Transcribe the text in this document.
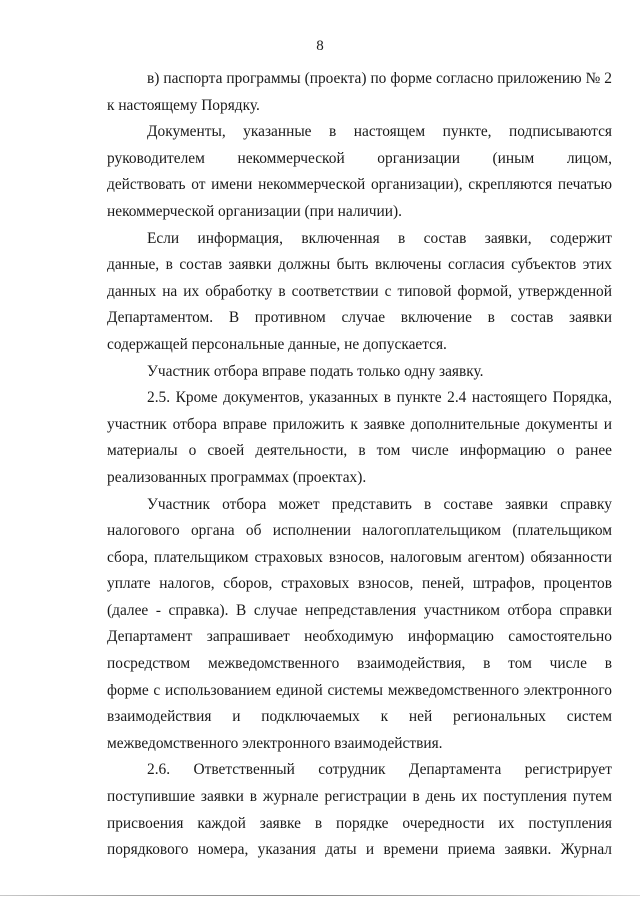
8
в) паспорта программы (проекта) по форме согласно приложению № 2
к настоящему Порядку.
Документы, указанные в настоящем пункте, подписываются
руководителем некоммерческой организации (иным лицом,
действовать от имени некоммерческой организации), скрепляются печатью
некоммерческой организации (при наличии).
Если информация, включенная в состав заявки, содержит
данные, в состав заявки должны быть включены согласия субъектов этих
данных на их обработку в соответствии с типовой формой, утвержденной
Департаментом. В противном случае включение в состав заявки
содержащей персональные данные, не допускается.
Участник отбора вправе подать только одну заявку.
2.5. Кроме документов, указанных в пункте 2.4 настоящего Порядка,
участник отбора вправе приложить к заявке дополнительные документы и
материалы о своей деятельности, в том числе информацию о ранее
реализованных программах (проектах).
Участник отбора может представить в составе заявки справку
налогового органа об исполнении налогоплательщиком (плательщиком
сбора, плательщиком страховых взносов, налоговым агентом) обязанности
уплате налогов, сборов, страховых взносов, пеней, штрафов, процентов
(далее - справка). В случае непредставления участником отбора справки
Департамент запрашивает необходимую информацию самостоятельно
посредством межведомственного взаимодействия, в том числе в
форме с использованием единой системы межведомственного электронного
взаимодействия и подключаемых к ней региональных систем
межведомственного электронного взаимодействия.
2.6. Ответственный сотрудник Департамента регистрирует
поступившие заявки в журнале регистрации в день их поступления путем
присвоения каждой заявке в порядке очередности их поступления
порядкового номера, указания даты и времени приема заявки. Журнал
